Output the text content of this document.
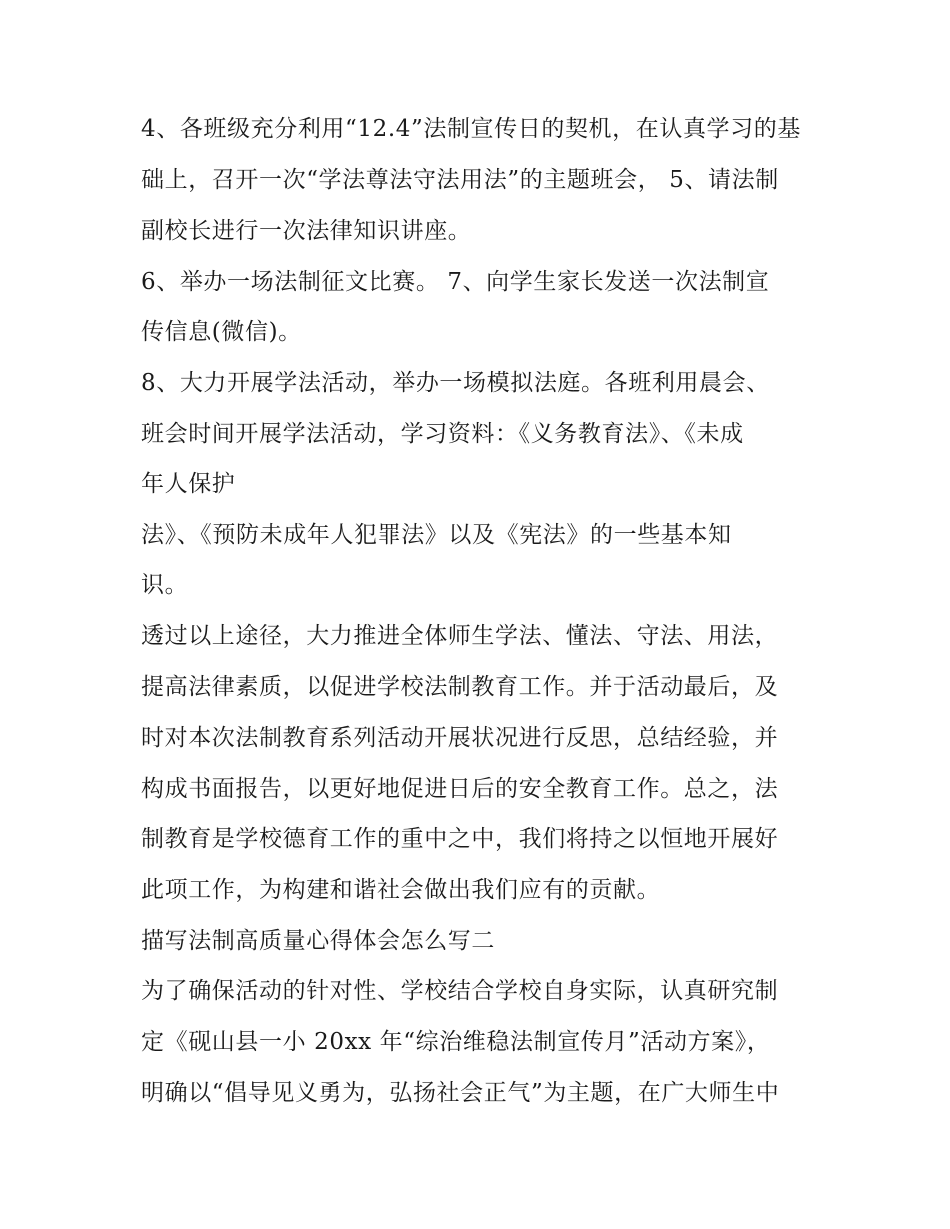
4、各班级充分利用“12.4”法制宣传日的契机，在认真学习的基
础上，召开一次“学法尊法守法用法”的主题班会， 5、请法制
副校长进行一次法律知识讲座。
6、举办一场法制征文比赛。 7、向学生家长发送一次法制宣
传信息(微信)。
8、大力开展学法活动，举办一场模拟法庭。各班利用晨会、
班会时间开展学法活动，学习资料：《义务教育法》、《未成
年人保护
法》、《预防未成年人犯罪法》以及《宪法》的一些基本知
识。
透过以上途径，大力推进全体师生学法、懂法、守法、用法，
提高法律素质，以促进学校法制教育工作。并于活动最后，及
时对本次法制教育系列活动开展状况进行反思，总结经验，并
构成书面报告，以更好地促进日后的安全教育工作。总之，法
制教育是学校德育工作的重中之中，我们将持之以恒地开展好
此项工作，为构建和谐社会做出我们应有的贡献。
描写法制高质量心得体会怎么写二
为了确保活动的针对性、学校结合学校自身实际，认真研究制
定《砚山县一小 20xx 年“综治维稳法制宣传月”活动方案》，
明确以“倡导见义勇为，弘扬社会正气”为主题，在广大师生中
